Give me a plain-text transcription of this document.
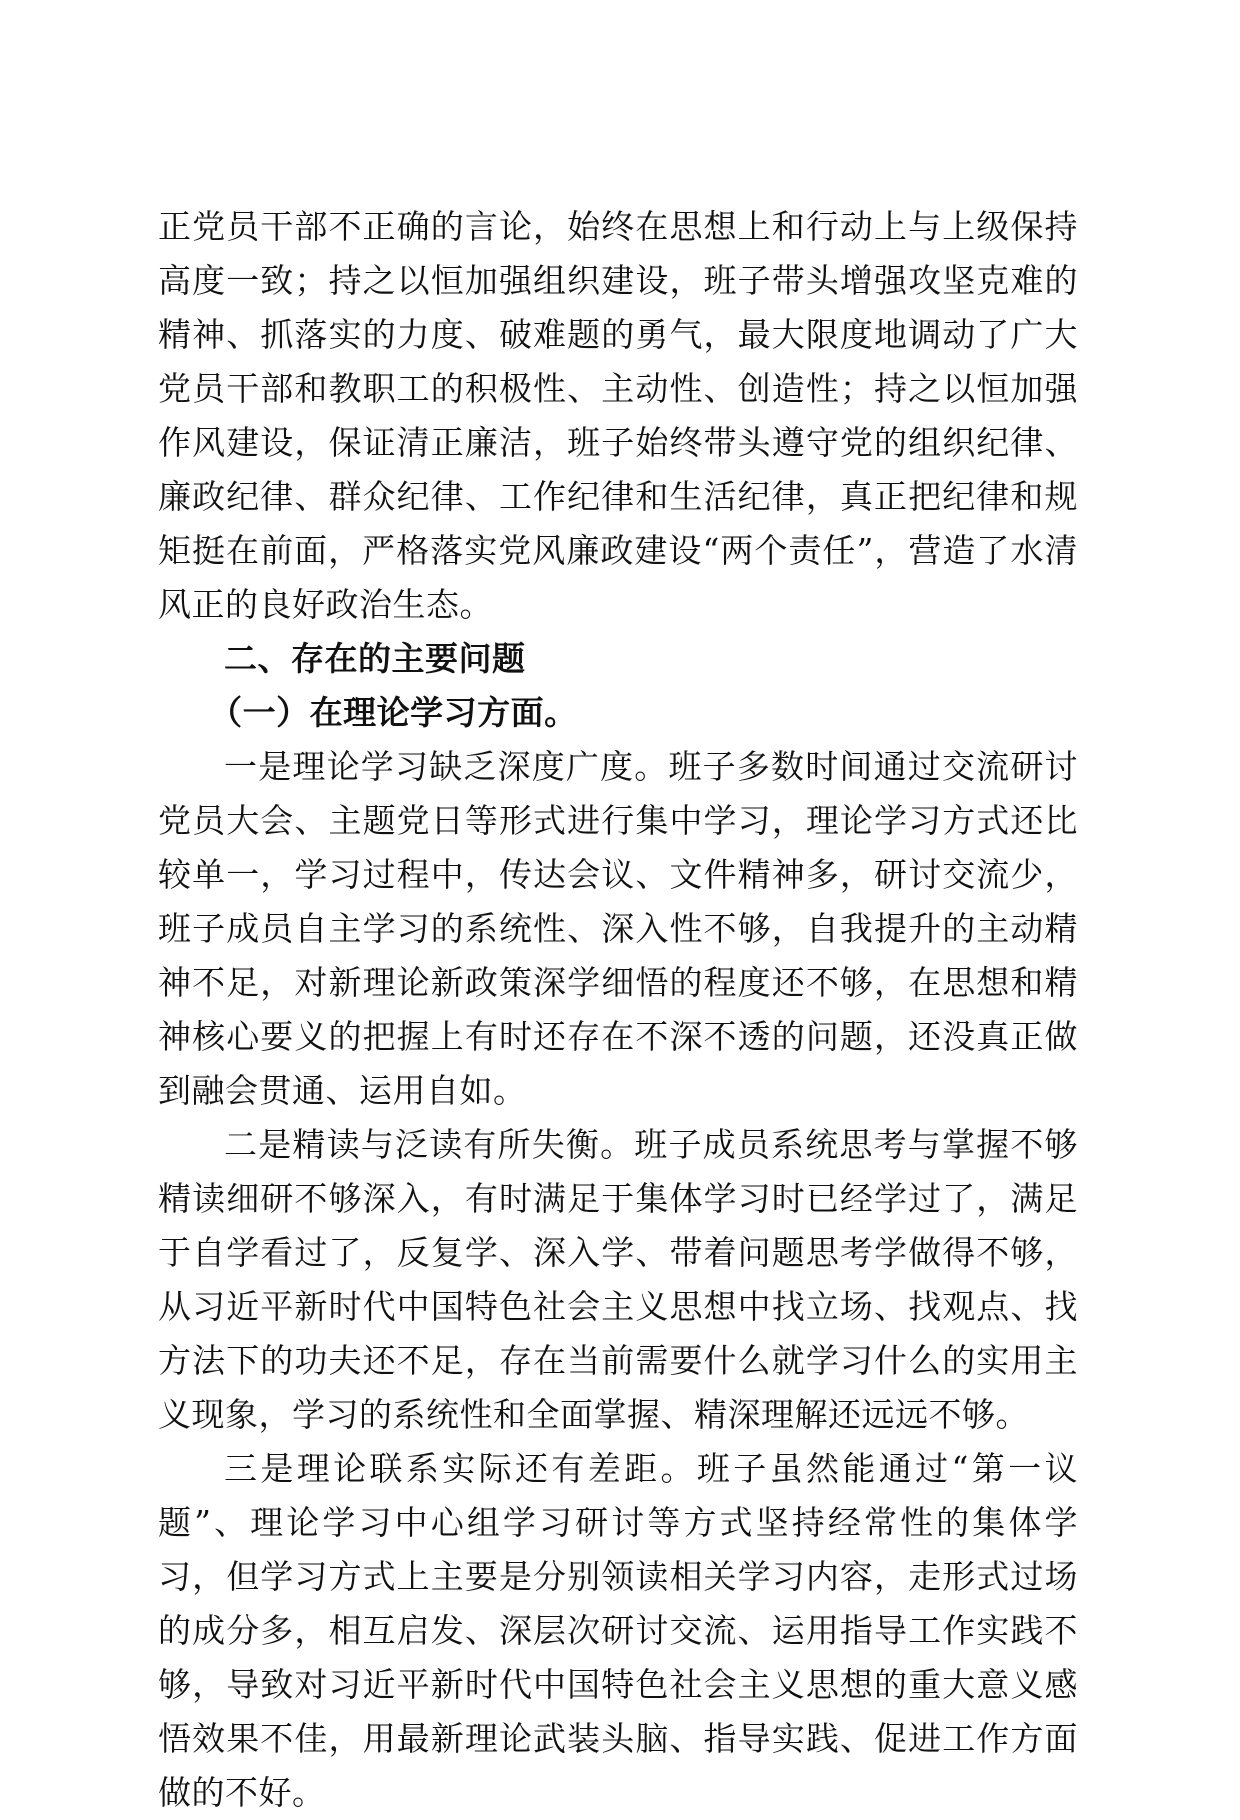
正党员干部不正确的言论，始终在思想上和行动上与上级保持高度一致；持之以恒加强组织建设，班子带头增强攻坚克难的精神、抓落实的力度、破难题的勇气，最大限度地调动了广大党员干部和教职工的积极性、主动性、创造性；持之以恒加强作风建设，保证清正廉洁，班子始终带头遵守党的组织纪律、廉政纪律、群众纪律、工作纪律和生活纪律，真正把纪律和规矩挺在前面，严格落实党风廉政建设“两个责任”，营造了水清风正的良好政治生态。

二、存在的主要问题
（一）在理论学习方面。

一是理论学习缺乏深度广度。班子多数时间通过交流研讨党员大会、主题党日等形式进行集中学习，理论学习方式还比较单一，学习过程中，传达会议、文件精神多，研讨交流少，班子成员自主学习的系统性、深入性不够，自我提升的主动精神不足，对新理论新政策深学细悟的程度还不够，在思想和精神核心要义的把握上有时还存在不深不透的问题，还没真正做到融会贯通、运用自如。

二是精读与泛读有所失衡。班子成员系统思考与掌握不够精读细研不够深入，有时满足于集体学习时已经学过了，满足于自学看过了，反复学、深入学、带着问题思考学做得不够，从习近平新时代中国特色社会主义思想中找立场、找观点、找方法下的功夫还不足，存在当前需要什么就学习什么的实用主义现象，学习的系统性和全面掌握、精深理解还远远不够。

三是理论联系实际还有差距。班子虽然能通过“第一议题”、理论学习中心组学习研讨等方式坚持经常性的集体学习，但学习方式上主要是分别领读相关学习内容，走形式过场的成分多，相互启发、深层次研讨交流、运用指导工作实践不够，导致对习近平新时代中国特色社会主义思想的重大意义感悟效果不佳，用最新理论武装头脑、指导实践、促进工作方面做的不好。
